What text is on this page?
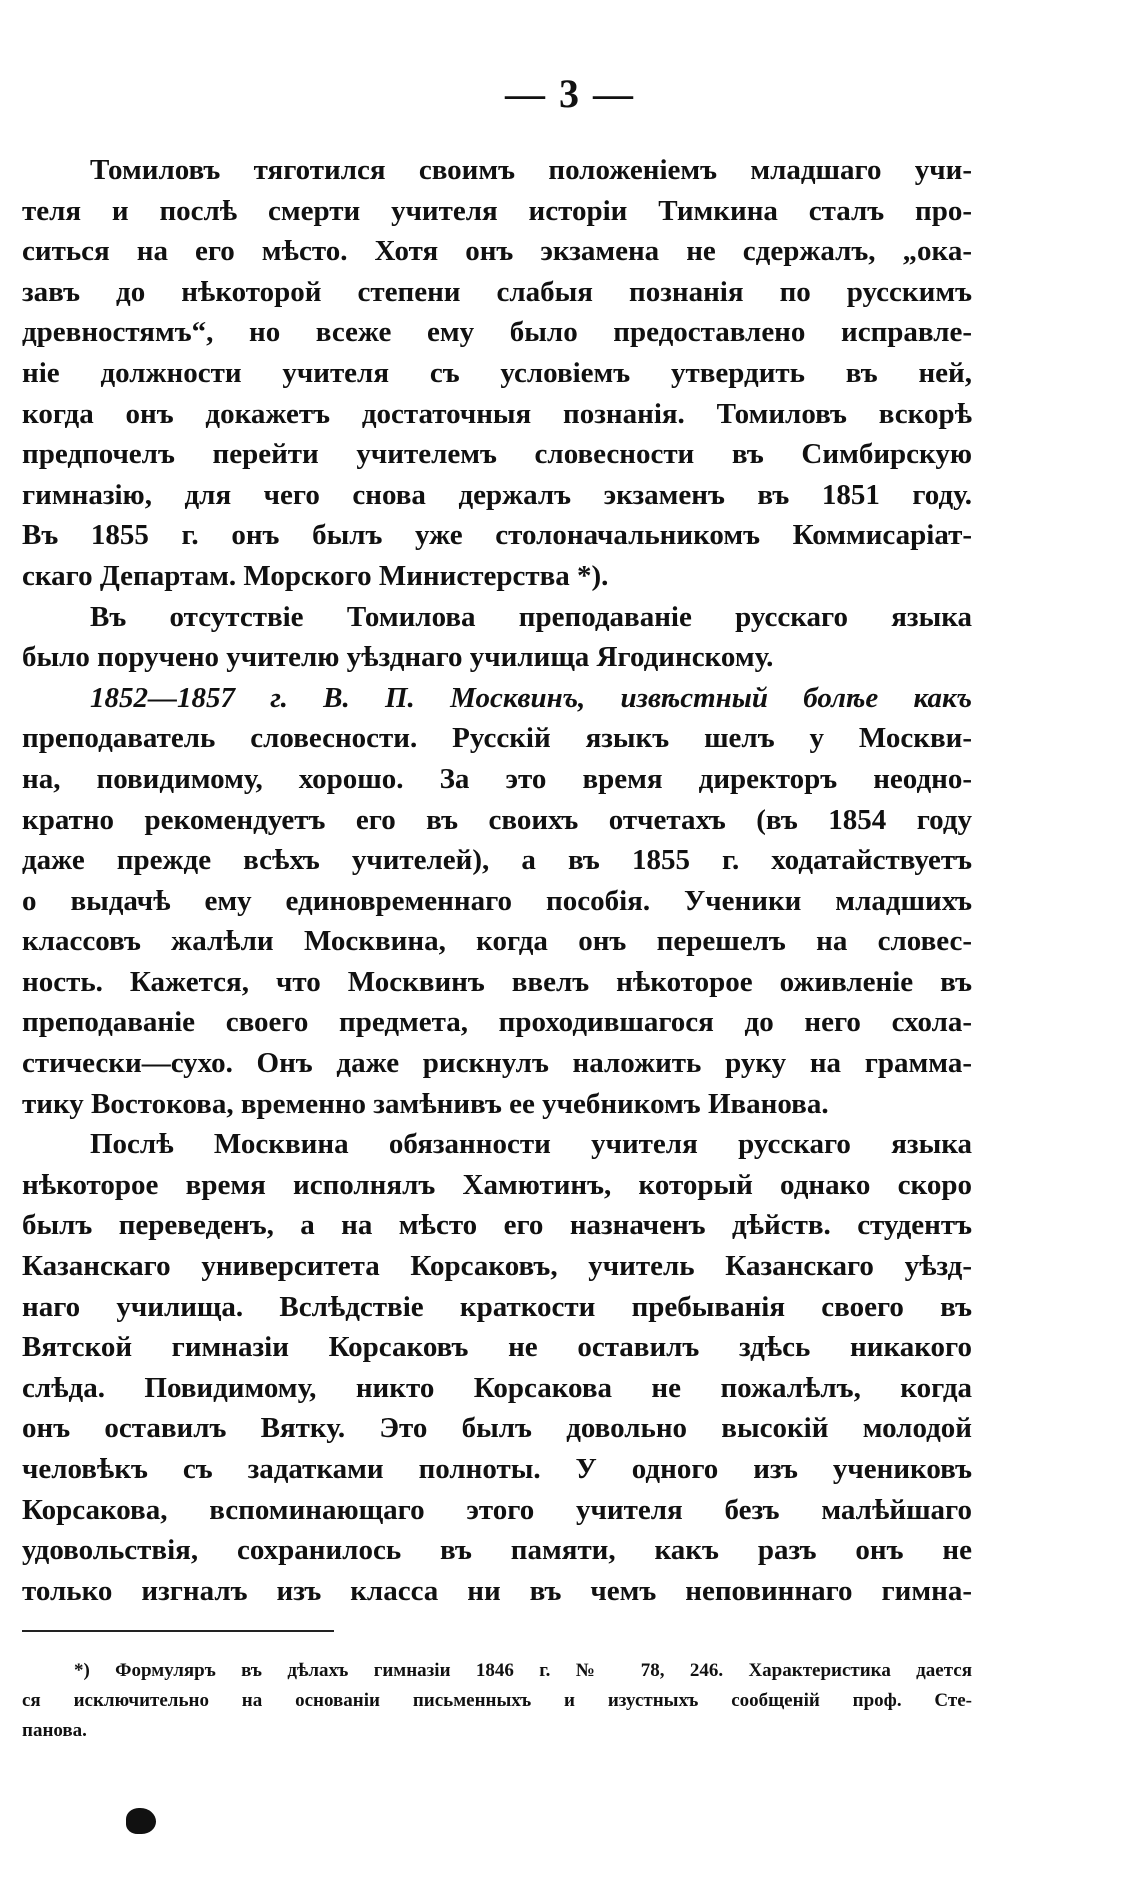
— 3 —
Томиловъ тяготился своимъ положеніемъ младшаго учи-
теля и послѣ смерти учителя исторіи Тимкина сталъ про-
ситься на его мѣсто. Хотя онъ экзамена не сдержалъ, „ока-
завъ до нѣкоторой степени слабыя познанія по русскимъ
древностямъ“, но всеже ему было предоставлено исправле-
ніе должности учителя съ условіемъ утвердить въ ней,
когда онъ докажетъ достаточныя познанія. Томиловъ вскорѣ
предпочелъ перейти учителемъ словесности въ Симбирскую
гимназію, для чего снова держалъ экзаменъ въ 1851 году.
Въ 1855 г. онъ былъ уже столоначальникомъ Коммисаріат-
скаго Департам. Морского Министерства *).
Въ отсутствіе Томилова преподаваніе русскаго языка
было поручено учителю уѣзднаго училища Ягодинскому.
1852—1857 г. В. П. Москвинъ, извѣстный болѣе какъ
преподаватель словесности. Русскій языкъ шелъ у Москви-
на, повидимому, хорошо. За это время директоръ неодно-
кратно рекомендуетъ его въ своихъ отчетахъ (въ 1854 году
даже прежде всѣхъ учителей), а въ 1855 г. ходатайствуетъ
о выдачѣ ему единовременнаго пособія. Ученики младшихъ
классовъ жалѣли Москвина, когда онъ перешелъ на словес-
ность. Кажется, что Москвинъ ввелъ нѣкоторое оживленіе въ
преподаваніе своего предмета, проходившагося до него схола-
стически—сухо. Онъ даже рискнулъ наложить руку на грамма-
тику Востокова, временно замѣнивъ ее учебникомъ Иванова.
Послѣ Москвина обязанности учителя русскаго языка
нѣкоторое время исполнялъ Хамютинъ, который однако скоро
былъ переведенъ, а на мѣсто его назначенъ дѣйств. студентъ
Казанскаго университета Корсаковъ, учитель Казанскаго уѣзд-
наго училища. Вслѣдствіе краткости пребыванія своего въ
Вятской гимназіи Корсаковъ не оставилъ здѣсь никакого
слѣда. Повидимому, никто Корсакова не пожалѣлъ, когда
онъ оставилъ Вятку. Это былъ довольно высокій молодой
человѣкъ съ задатками полноты. У одного изъ учениковъ
Корсакова, вспоминающаго этого учителя безъ малѣйшаго
удовольствія, сохранилось въ памяти, какъ разъ онъ не
только изгналъ изъ класса ни въ чемъ неповиннаго гимна-
*) Формуляръ въ дѣлахъ гимназіи 1846 г. № 78, 246. Характеристика дается
ся исключительно на основаніи письменныхъ и изустныхъ сообщеній проф. Сте-
панова.
